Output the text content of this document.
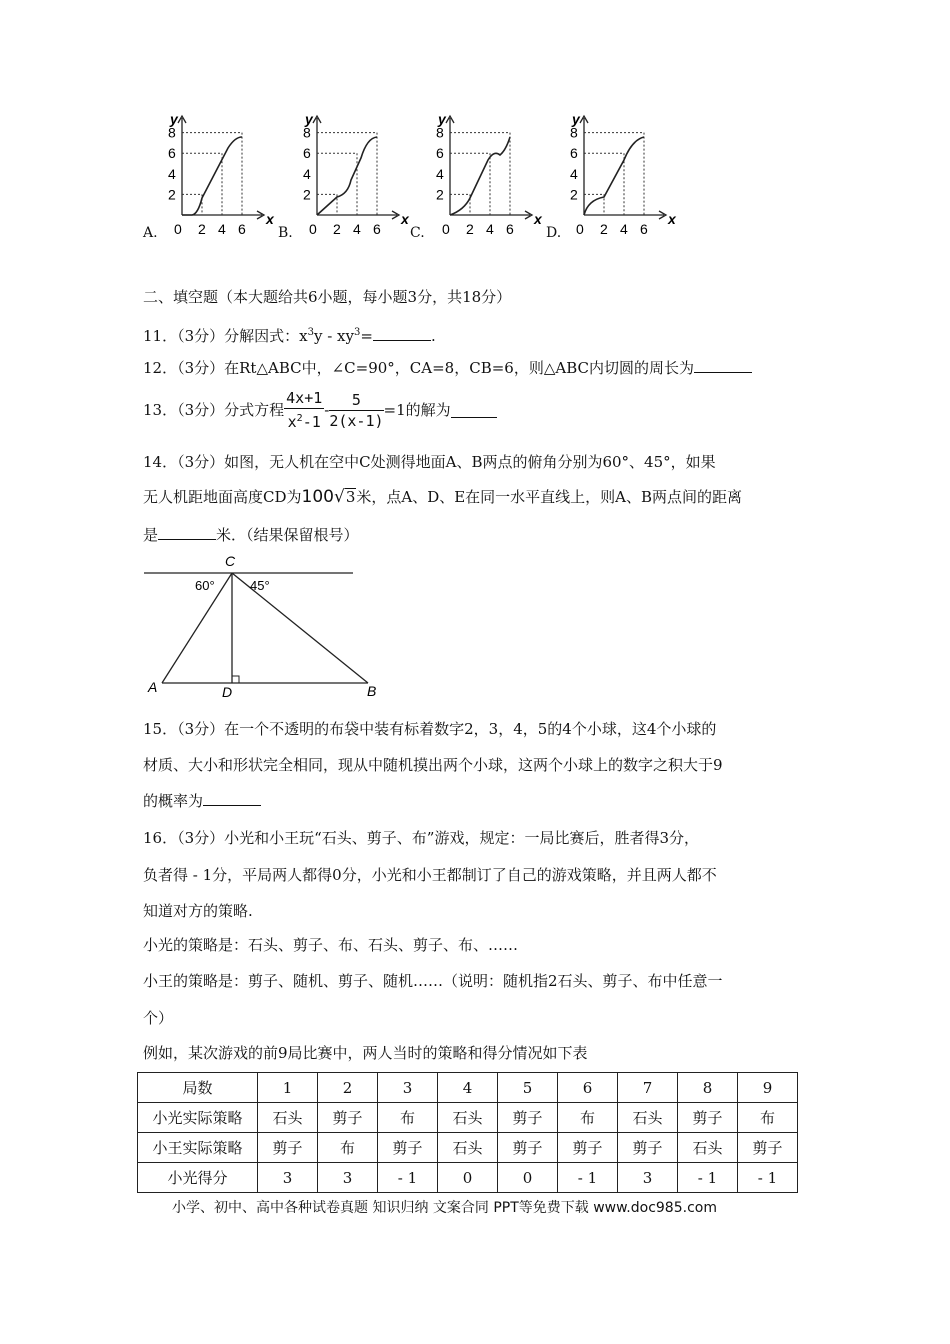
A.	B.	C.	D.
y
x
8
6
4
2
0 2 4 6
y
x
8
6
4
2
0 2 4 6
y
x
8
6
4
2
0 2 4 6
y
x
8
6
4
2
0 2 4 6
二、填空题（本大题给共6小题，每小题3分，共18分）
11．（3分）分解因式：$x^3y - xy^3=$	.
12．（3分）在Rt△ABC中，∠C=90°，CA=8，CB=6，则△ABC内切圆的周长为
13．（3分）分式方程 $\frac{4x+1}{x^2-1} - \frac{5}{2(x-1)} =1$的解为
14．（3分）如图，无人机在空中C处测得地面A、B两点的俯角分别为60°、45°，如果
无人机距地面高度CD为100√3米，点A、D、E在同一水平直线上，则A、B两点间的距离
是	米．（结果保留根号）
C
60°	45°
A	D	B
15．（3分）在一个不透明的布袋中装有标着数字2，3，4，5的4个小球，这4个小球的
材质、大小和形状完全相同，现从中随机摸出两个小球，这两个小球上的数字之积大于9
的概率为
16．（3分）小光和小王玩“石头、剪子、布”游戏，规定：一局比赛后，胜者得3分，
负者得 - 1分，平局两人都得0分，小光和小王都制订了自己的游戏策略，并且两人都不
知道对方的策略.
小光的策略是：石头、剪子、布、石头、剪子、布、……
小王的策略是：剪子、随机、剪子、随机……（说明：随机指2石头、剪子、布中任意一
个）
例如，某次游戏的前9局比赛中，两人当时的策略和得分情况如下表
局数	1	2	3	4	5	6	7	8	9
小光实际策略	石头	剪子	布	石头	剪子	布	石头	剪子	布
小王实际策略	剪子	布	剪子	石头	剪子	剪子	剪子	石头	剪子
小光得分	3	3	- 1	0	0	- 1	3	- 1	- 1
小学、初中、高中各种试卷真题 知识归纳 文案合同 PPT等免费下载 www.doc985.com
